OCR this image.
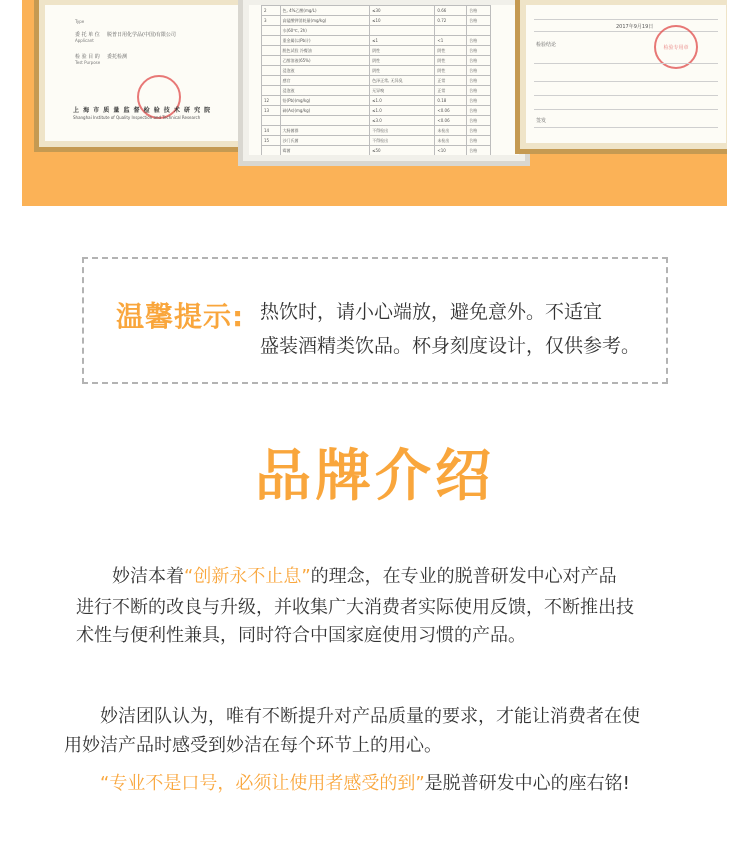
Type
委 托 单 位 脱普日用化学品(中国)有限公司
Applicant
检 验 目 的 委托检测
Test Purpose
上 海 市 质 量 监 督 检 验 技 术 研 究 院
Shanghai Institute of Quality Inspection and Technical Research
2	色, 4%乙酸(mg/L)	≤30	0.66	合格
3	高锰酸钾消耗量(mg/kg)	≤10	0.72	合格
	水(60℃, 2h)			
	重金属(以Pb计)	≤1	<1	合格
	脱色试验 冷餐油	阴性	阴性	合格
	乙醇溶液(65%)	阴性	阴性	合格
	浸泡液	阴性	阴性	合格
	感官	色泽正常, 无异臭	正常	合格
	浸泡液	无异嗅	正常	合格
12	铅(Pb)(mg/kg)	≤1.0	0.18	合格
13	砷(As)(mg/kg)	≤1.0	<0.06	合格
		≤3.0	<0.06	合格
14	大肠菌群	不得检出	未检出	合格
15	沙门氏菌	不得检出	未检出	合格
	霉菌	≤50	<10	合格
2017年9月19日
检验结论	检验专用章
签发
温馨提示: 热饮时，请小心端放，避免意外。不适宜
盛装酒精类饮品。杯身刻度设计，仅供参考。
品牌介绍
妙洁本着“创新永不止息”的理念，在专业的脱普研发中心对产品
进行不断的改良与升级，并收集广大消费者实际使用反馈，不断推出技
术性与便利性兼具，同时符合中国家庭使用习惯的产品。
妙洁团队认为，唯有不断提升对产品质量的要求，才能让消费者在使
用妙洁产品时感受到妙洁在每个环节上的用心。
“专业不是口号，必须让使用者感受的到”是脱普研发中心的座右铭!
